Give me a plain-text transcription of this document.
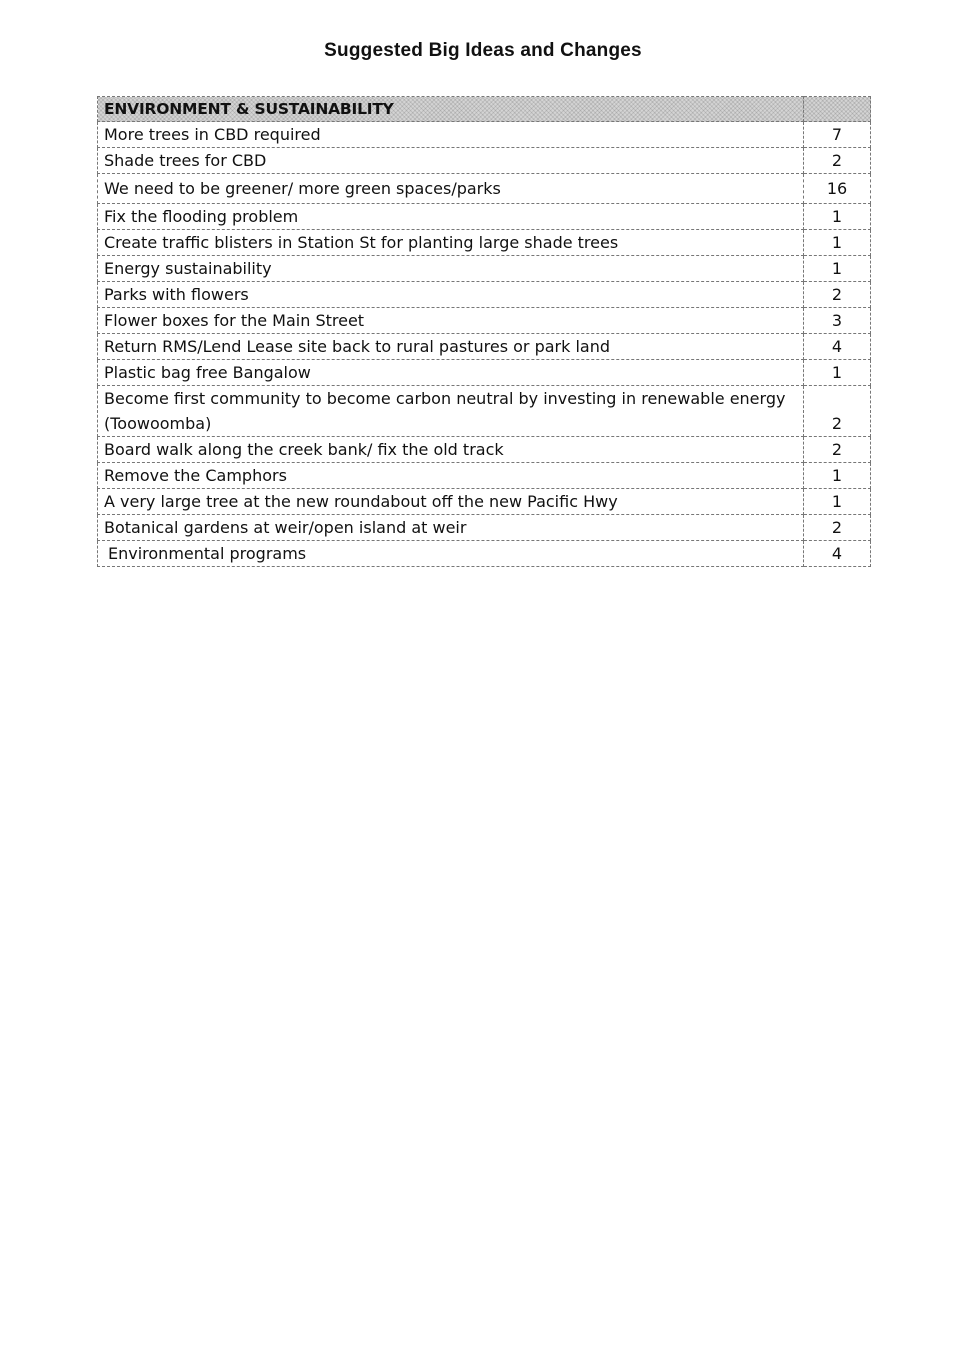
Suggested Big Ideas and Changes
ENVIRONMENT & SUSTAINABILITY	
More trees in CBD required	7
Shade trees for CBD	2
We need to be greener/ more green spaces/parks	16
Fix the flooding problem	1
Create traffic blisters in Station St for planting large shade trees	1
Energy sustainability	1
Parks with flowers	2
Flower boxes for the Main Street	3
Return RMS/Lend Lease site back to rural pastures or park land	4
Plastic bag free Bangalow	1
Become first community to become carbon neutral by investing in renewable energy (Toowoomba)	2
Board walk along the creek bank/ fix the old track	2
Remove the Camphors	1
A very large tree at the new roundabout off the new Pacific Hwy	1
Botanical gardens at weir/open island at weir	2
Environmental programs	4
